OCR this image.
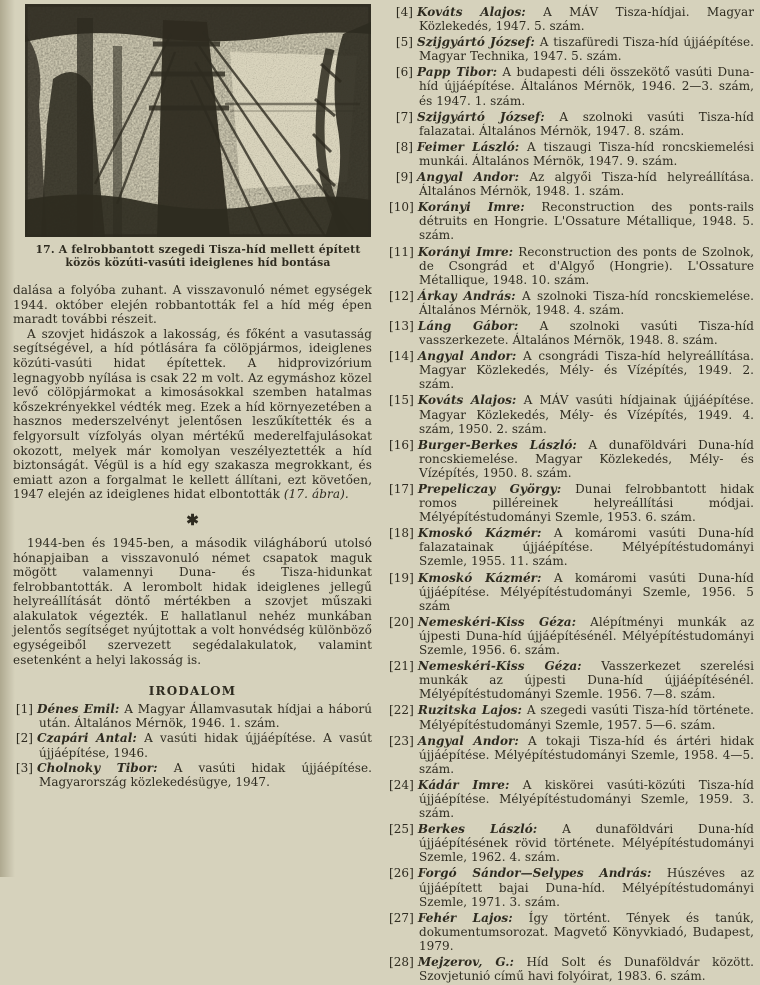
17. A felrobbantott szegedi Tisza-híd mellett épített közös közúti-vasúti ideiglenes híd bontása

dalása a folyóba zuhant. A visszavonuló német egységek 1944. október elején robbantották fel a híd még épen maradt további részeit.

A szovjet hidászok a lakosság, és főként a vasutasság segítségével, a híd pótlására fa cölöpjármos, ideiglenes közúti-vasúti hidat építettek. A hidprovizórium legnagyobb nyílása is csak 22 m volt. Az egymáshoz közel levő cölöpjármokat a kimosásokkal szemben hatalmas kőszekrényekkel védték meg. Ezek a híd környezetében a hasznos mederszelvényt jelentősen leszűkítették és a felgyorsult vízfolyás olyan mértékű mederelfajulásokat okozott, melyek már komolyan veszélyeztették a híd biztonságát. Végül is a híd egy szakasza megrokkant, és emiatt azon a forgalmat le kellett állítani, ezt követően, 1947 elején az ideiglenes hidat elbontották (17. ábra).

✱

1944-ben és 1945-ben, a második világháború utolsó hónapjaiban a visszavonuló német csapatok maguk mögött valamennyi Duna- és Tisza-hidunkat felrobbantották. A lerombolt hidak ideiglenes jellegű helyreállítását döntő mértékben a szovjet műszaki alakulatok végezték. E hallatlanul nehéz munkában jelentős segítséget nyújtottak a volt honvédség különböző egységeiből szervezett segédalakulatok, valamint esetenként a helyi lakosság is.

IRODALOM
[1] Dénes Emil: A Magyar Államvasutak hídjai a háború után. Általános Mérnök, 1946. 1. szám.
[2] Czapári Antal: A vasúti hidak újjáépítése. A vasút újjáépítése, 1946.
[3] Cholnoky Tibor: A vasúti hidak újjáépítése. Magyarország közlekedésügye, 1947.
[4] Kováts Alajos: A MÁV Tisza-hídjai. Magyar Közlekedés, 1947. 5. szám.
[5] Szijgyártó József: A tiszafüredi Tisza-híd újjáépítése. Magyar Technika, 1947. 5. szám.
[6] Papp Tibor: A budapesti déli összekötő vasúti Duna-híd újjáépítése. Általános Mérnök, 1946. 2—3. szám, és 1947. 1. szám.
[7] Szijgyártó József: A szolnoki vasúti Tisza-híd falazatai. Általános Mérnök, 1947. 8. szám.
[8] Feimer László: A tiszaugi Tisza-híd roncskiemelési munkái. Általános Mérnök, 1947. 9. szám.
[9] Angyal Andor: Az algyői Tisza-híd helyreállítása. Általános Mérnök, 1948. 1. szám.
[10] Korányi Imre: Reconstruction des ponts-rails détruits en Hongrie. L'Ossature Métallique, 1948. 5. szám.
[11] Korányi Imre: Reconstruction des ponts de Szolnok, de Csongrád et d'Algyő (Hongrie). L'Ossature Métallique, 1948. 10. szám.
[12] Árkay András: A szolnoki Tisza-híd roncskiemelése. Általános Mérnök, 1948. 4. szám.
[13] Láng Gábor: A szolnoki vasúti Tisza-híd vasszerkezete. Általános Mérnök, 1948. 8. szám.
[14] Angyal Andor: A csongrádi Tisza-híd helyreállítása. Magyar Közlekedés, Mély- és Vízépítés, 1949. 2. szám.
[15] Kováts Alajos: A MÁV vasúti hídjainak újjáépítése. Magyar Közlekedés, Mély- és Vízépítés, 1949. 4. szám, 1950. 2. szám.
[16] Burger-Berkes László: A dunaföldvári Duna-híd roncskiemelése. Magyar Közlekedés, Mély- és Vízépítés, 1950. 8. szám.
[17] Prepeliczay György: Dunai felrobbantott hidak romos pilléreinek helyreállítási módjai. Mélyépítéstudományi Szemle, 1953. 6. szám.
[18] Kmoskó Kázmér: A komáromi vasúti Duna-híd falazatainak újjáépítése. Mélyépítéstudományi Szemle, 1955. 11. szám.
[19] Kmoskó Kázmér: A komáromi vasúti Duna-híd újjáépítése. Mélyépítéstudományi Szemle, 1956. 5 szám
[20] Nemeskéri-Kiss Géza: Alépítményi munkák az újpesti Duna-híd újjáépítésénél. Mélyépítéstudományi Szemle, 1956. 6. szám.
[21] Nemeskéri-Kiss Géza: Vasszerkezet szerelési munkák az újpesti Duna-híd újjáépítésénél. Mélyépítéstudományi Szemle. 1956. 7—8. szám.
[22] Ruzitska Lajos: A szegedi vasúti Tisza-híd története. Mélyépítéstudományi Szemle, 1957. 5—6. szám.
[23] Angyal Andor: A tokaji Tisza-híd és ártéri hidak újjáépítése. Mélyépítéstudományi Szemle, 1958. 4—5. szám.
[24] Kádár Imre: A kiskörei vasúti-közúti Tisza-híd újjáépítése. Mélyépítéstudományi Szemle, 1959. 3. szám.
[25] Berkes László: A dunaföldvári Duna-híd újjáépítésének rövid története. Mélyépítéstudományi Szemle, 1962. 4. szám.
[26] Forgó Sándor—Selypes András: Húszéves az újjáépített bajai Duna-híd. Mélyépítéstudományi Szemle, 1971. 3. szám.
[27] Fehér Lajos: Így történt. Tények és tanúk, dokumentumsorozat. Magvető Könyvkiadó, Budapest, 1979.
[28] Mejzerov, G.: Híd Solt és Dunaföldvár között. Szovjetunió című havi folyóirat, 1983. 6. szám.
